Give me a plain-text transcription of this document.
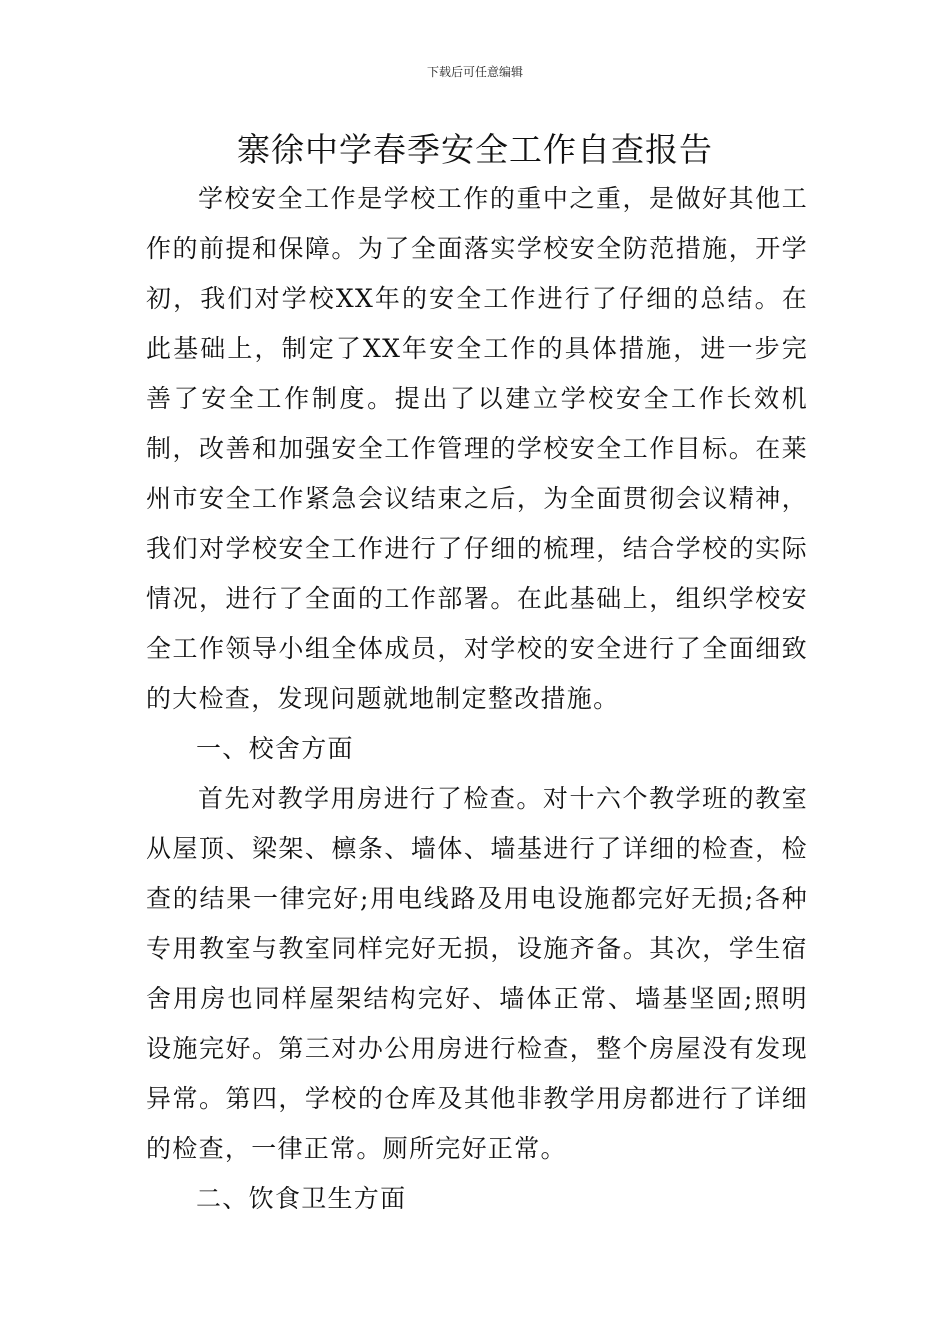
下载后可任意编辑
寨徐中学春季安全工作自查报告

学校安全工作是学校工作的重中之重，是做好其他工作的前提和保障。为了全面落实学校安全防范措施，开学初，我们对学校XX年的安全工作进行了仔细的总结。在此基础上，制定了XX年安全工作的具体措施，进一步完善了安全工作制度。提出了以建立学校安全工作长效机制，改善和加强安全工作管理的学校安全工作目标。在莱州市安全工作紧急会议结束之后，为全面贯彻会议精神，我们对学校安全工作进行了仔细的梳理，结合学校的实际情况，进行了全面的工作部署。在此基础上，组织学校安全工作领导小组全体成员，对学校的安全进行了全面细致的大检查，发现问题就地制定整改措施。

一、校舍方面

首先对教学用房进行了检查。对十六个教学班的教室从屋顶、梁架、檩条、墙体、墙基进行了详细的检查，检查的结果一律完好;用电线路及用电设施都完好无损;各种专用教室与教室同样完好无损，设施齐备。其次，学生宿舍用房也同样屋架结构完好、墙体正常、墙基坚固;照明设施完好。第三对办公用房进行检查，整个房屋没有发现异常。第四，学校的仓库及其他非教学用房都进行了详细的检查，一律正常。厕所完好正常。

二、饮食卫生方面
